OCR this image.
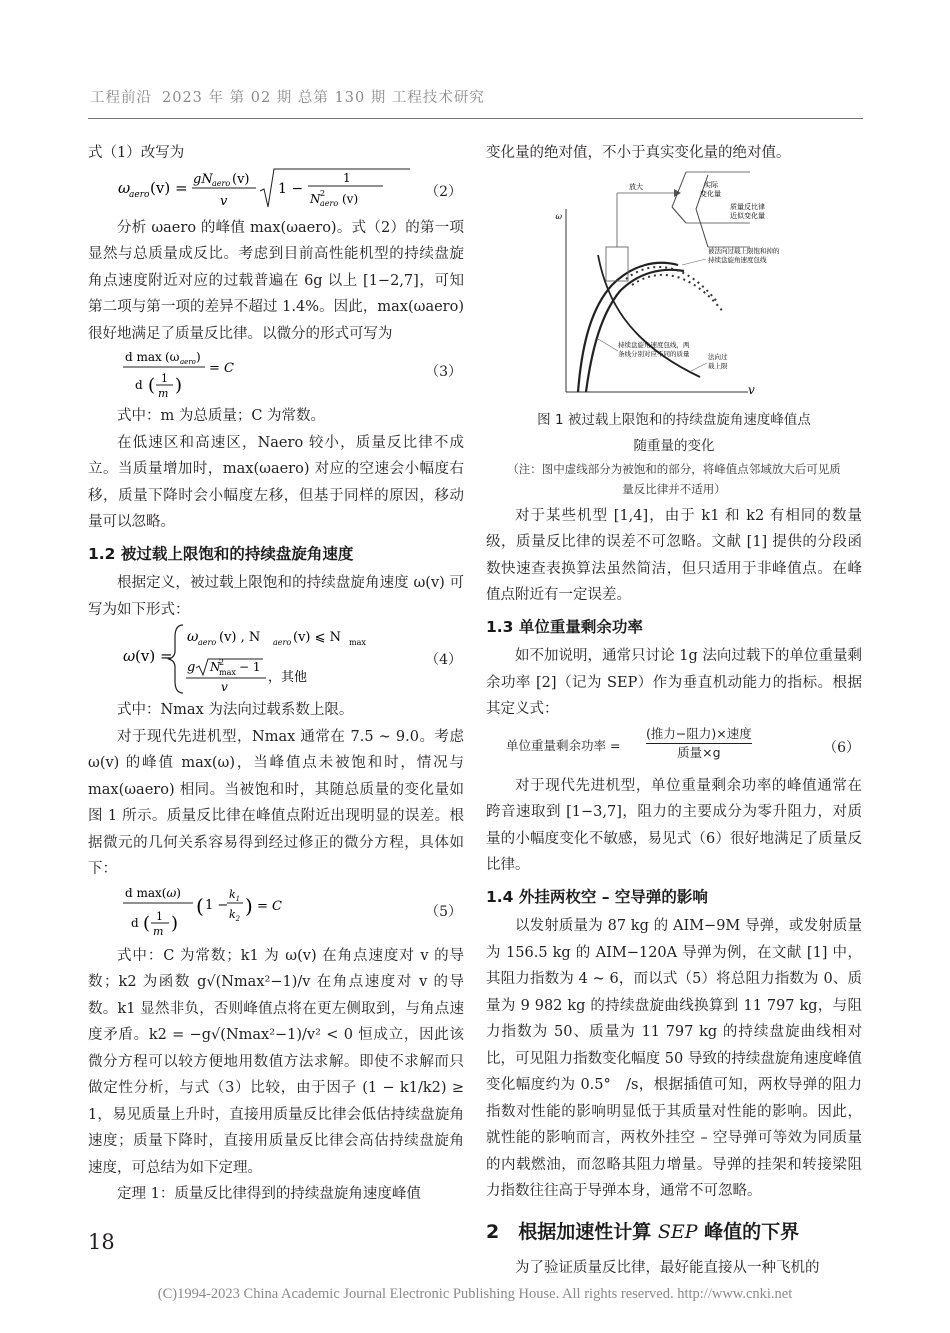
工程前沿 2023 年 第 02 期 总第 130 期 工程技术研究

式（1）改写为

ω
aero (v) = gN aero (v)
v
1 −
1
N 2
aero (v)	（2）

分析 ωaero 的峰值 max(ωaero)。式（2）的第一项显然与总质量成反比。考虑到目前高性能机型的持续盘旋角点速度附近对应的过载普遍在 6g 以上 [1−2,7]，可知第二项与第一项的差异不超过 1.4%。因此，max(ωaero) 很好地满足了质量反比律。以微分的形式可写为

d max (ω aero )
d ( 1
m )
= C	（3）

式中：m 为总质量；C 为常数。

在低速区和高速区，Naero 较小，质量反比律不成立。当质量增加时，max(ωaero) 对应的空速会小幅度右移，质量下降时会小幅度左移，但基于同样的原因，移动量可以忽略。

1.2 被过载上限饱和的持续盘旋角速度

根据定义，被过载上限饱和的持续盘旋角速度 ω(v) 可写为如下形式：

ω (v) =
ω aero (v) , N aero (v) ⩽ N max
g N
2
max − 1
v
，其他
（4）

式中：Nmax 为法向过载系数上限。

对于现代先进机型，Nmax 通常在 7.5 ~ 9.0。考虑 ω(v) 的峰值 max(ω)，当峰值点未被饱和时，情况与 max(ωaero) 相同。当被饱和时，其随总质量的变化量如图 1 所示。质量反比律在峰值点附近出现明显的误差。根据微元的几何关系容易得到经过修正的微分方程，具体如下：

d max(ω)
d ( 1
m )
( 1 −
$k_1$
$k_2$
) = C	（5）

式中：C 为常数；k1 为 ω(v) 在角点速度对 v 的导数；k2 为函数 g√(Nmax²−1)/v 在角点速度对 v 的导数。k1 显然非负，否则峰值点将在更左侧取到，与角点速度矛盾。k2 = −g√(Nmax²−1)/v² < 0 恒成立，因此该微分方程可以较方便地用数值方法求解。即使不求解而只做定性分析，与式（3）比较，由于因子 (1 − k1/k2) ≥ 1，易见质量上升时，直接用质量反比律会低估持续盘旋角速度；质量下降时，直接用质量反比律会高估持续盘旋角速度，可总结为如下定理。

定理 1：质量反比律得到的持续盘旋角速度峰值

变化量的绝对值，不小于真实变化量的绝对值。

ω
v
放大	实际变化量
质量反比律近似变化量
被法向过载上限饱和掉的持续盘旋角速度包线
持续盘旋角速度包线，两条线分别对应不同的质量	法向过载上限
图 1 被过载上限饱和的持续盘旋角速度峰值点
随重量的变化
（注：图中虚线部分为被饱和的部分，将峰值点邻域放大后可见质
量反比律并不适用）

对于某些机型 [1,4]，由于 k1 和 k2 有相同的数量级，质量反比律的误差不可忽略。文献 [1] 提供的分段函数快速查表换算法虽然简洁，但只适用于非峰值点。在峰值点附近有一定误差。

1.3 单位重量剩余功率

如不加说明，通常只讨论 1g 法向过载下的单位重量剩余功率 [2]（记为 SEP）作为垂直机动能力的指标。根据其定义式：

单位重量剩余功率 =
(推力−阻力)×速度
质量×g	（6）

对于现代先进机型，单位重量剩余功率的峰值通常在跨音速取到 [1−3,7]，阻力的主要成分为零升阻力，对质量的小幅度变化不敏感，易见式（6）很好地满足了质量反比律。

1.4 外挂两枚空 – 空导弹的影响

以发射质量为 87 kg 的 AIM−9M 导弹，或发射质量为 156.5 kg 的 AIM−120A 导弹为例，在文献 [1] 中，其阻力指数为 4 ~ 6，而以式（5）将总阻力指数为 0、质量为 9 982 kg 的持续盘旋曲线换算到 11 797 kg，与阻力指数为 50、质量为 11 797 kg 的持续盘旋曲线相对比，可见阻力指数变化幅度 50 导致的持续盘旋角速度峰值变化幅度约为 0.5°　/s，根据插值可知，两枚导弹的阻力指数对性能的影响明显低于其质量对性能的影响。因此，就性能的影响而言，两枚外挂空 – 空导弹可等效为同质量的内载燃油，而忽略其阻力增量。导弹的挂架和转接梁阻力指数往往高于导弹本身，通常不可忽略。

2　根据加速性计算 SEP 峰值的下界

为了验证质量反比律，最好能直接从一种飞机的

18
(C)1994-2023 China Academic Journal Electronic Publishing House. All rights reserved. http://www.cnki.net
